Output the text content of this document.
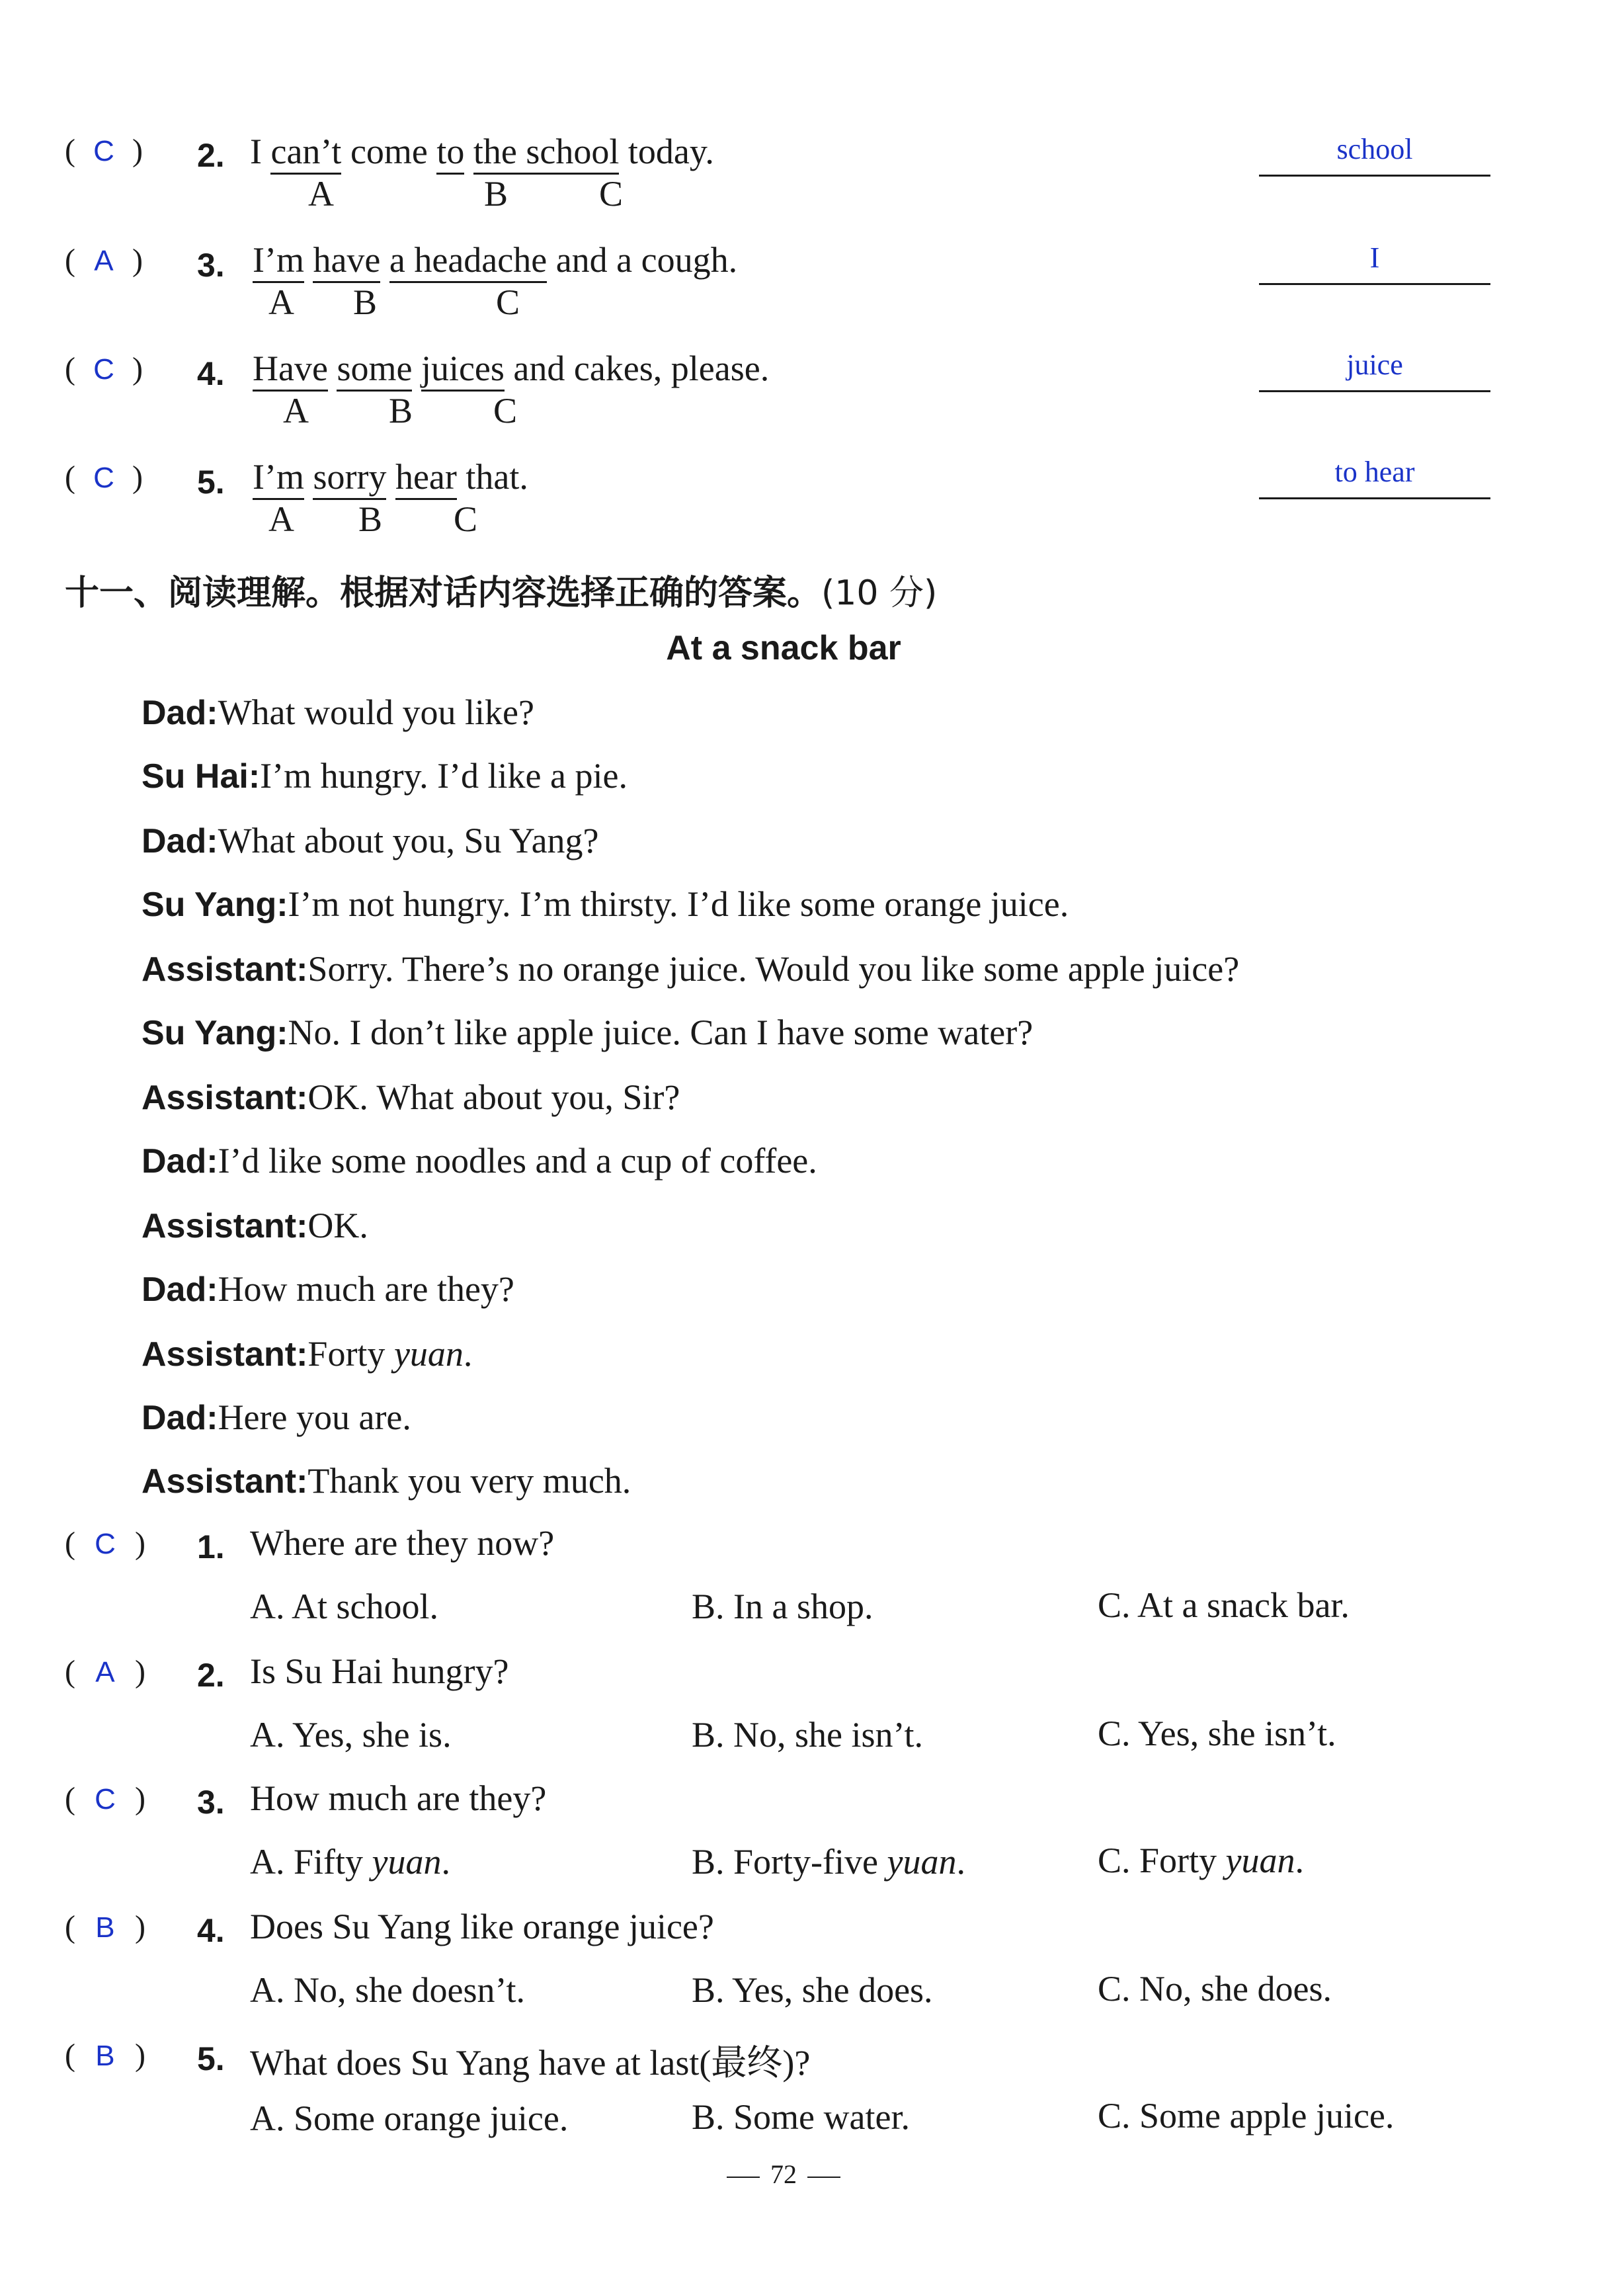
( C ) 2. I can’t come to the school today.
A	B	C
school
( A ) 3. I’m have a headache and a cough.
A B	C
I
( C ) 4. Have some juices and cakes, please.
A B C
juice
( C ) 5. I’m sorry hear that.
A B C
to hear
十一、阅读理解。根据对话内容选择正确的答案。(10 分)
At a snack bar
Dad:What would you like?
Su Hai:I’m hungry. I’d like a pie.
Dad:What about you, Su Yang?
Su Yang:I’m not hungry. I’m thirsty. I’d like some orange juice.
Assistant:Sorry. There’s no orange juice. Would you like some apple juice?
Su Yang:No. I don’t like apple juice. Can I have some water?
Assistant:OK. What about you, Sir?
Dad:I’d like some noodles and a cup of coffee.
Assistant:OK.
Dad:How much are they?
Assistant:Forty yuan.
Dad:Here you are.
Assistant:Thank you very much.
( C ) 1. Where are they now?
A. At school.	B. In a shop.	C. At a snack bar.
( A ) 2. Is Su Hai hungry?
A. Yes, she is.	B. No, she isn’t.	C. Yes, she isn’t.
( C ) 3. How much are they?
A. Fifty yuan.	B. Forty-five yuan.	C. Forty yuan.
( B ) 4. Does Su Yang like orange juice?
A. No, she doesn’t.	B. Yes, she does.	C. No, she does.
( B ) 5. What does Su Yang have at last(最终)?
A. Some orange juice.	B. Some water.	C. Some apple juice.
72
